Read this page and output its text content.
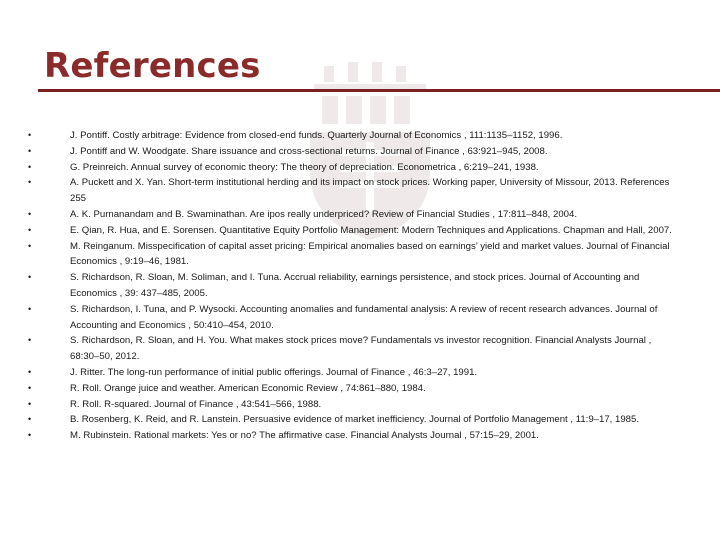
References
•	J. Pontiff. Costly arbitrage: Evidence from closed-end funds. Quarterly Journal of Economics , 111:1135–1152, 1996.
•	J. Pontiff and W. Woodgate. Share issuance and cross-sectional returns. Journal of Finance , 63:921–945, 2008.
•	G. Preinreich. Annual survey of economic theory: The theory of depreciation. Econometrica , 6:219–241, 1938.
•	A. Puckett and X. Yan. Short-term institutional herding and its impact on stock prices. Working paper, University of Missour, 2013. References 255
•	A. K. Purnanandam and B. Swaminathan. Are ipos really underpriced? Review of Financial Studies , 17:811–848, 2004.
•	E. Qian, R. Hua, and E. Sorensen. Quantitative Equity Portfolio Management: Modern Techniques and Applications. Chapman and Hall, 2007.
•	M. Reinganum. Misspecification of capital asset pricing: Empirical anomalies based on earnings’ yield and market values. Journal of Financial Economics , 9:19–46, 1981.
•	S. Richardson, R. Sloan, M. Soliman, and I. Tuna. Accrual reliability, earnings persistence, and stock prices. Journal of Accounting and Economics , 39: 437–485, 2005.
•	S. Richardson, I. Tuna, and P. Wysocki. Accounting anomalies and fundamental analysis: A review of recent research advances. Journal of Accounting and Economics , 50:410–454, 2010.
•	S. Richardson, R. Sloan, and H. You. What makes stock prices move? Fundamentals vs investor recognition. Financial Analysts Journal , 68:30–50, 2012.
•	J. Ritter. The long-run performance of initial public offerings. Journal of Finance , 46:3–27, 1991.
•	R. Roll. Orange juice and weather. American Economic Review , 74:861–880, 1984.
•	R. Roll. R-squared. Journal of Finance , 43:541–566, 1988.
•	B. Rosenberg, K. Reid, and R. Lanstein. Persuasive evidence of market inefficiency. Journal of Portfolio Management , 11:9–17, 1985.
•	M. Rubinstein. Rational markets: Yes or no? The affirmative case. Financial Analysts Journal , 57:15–29, 2001.
